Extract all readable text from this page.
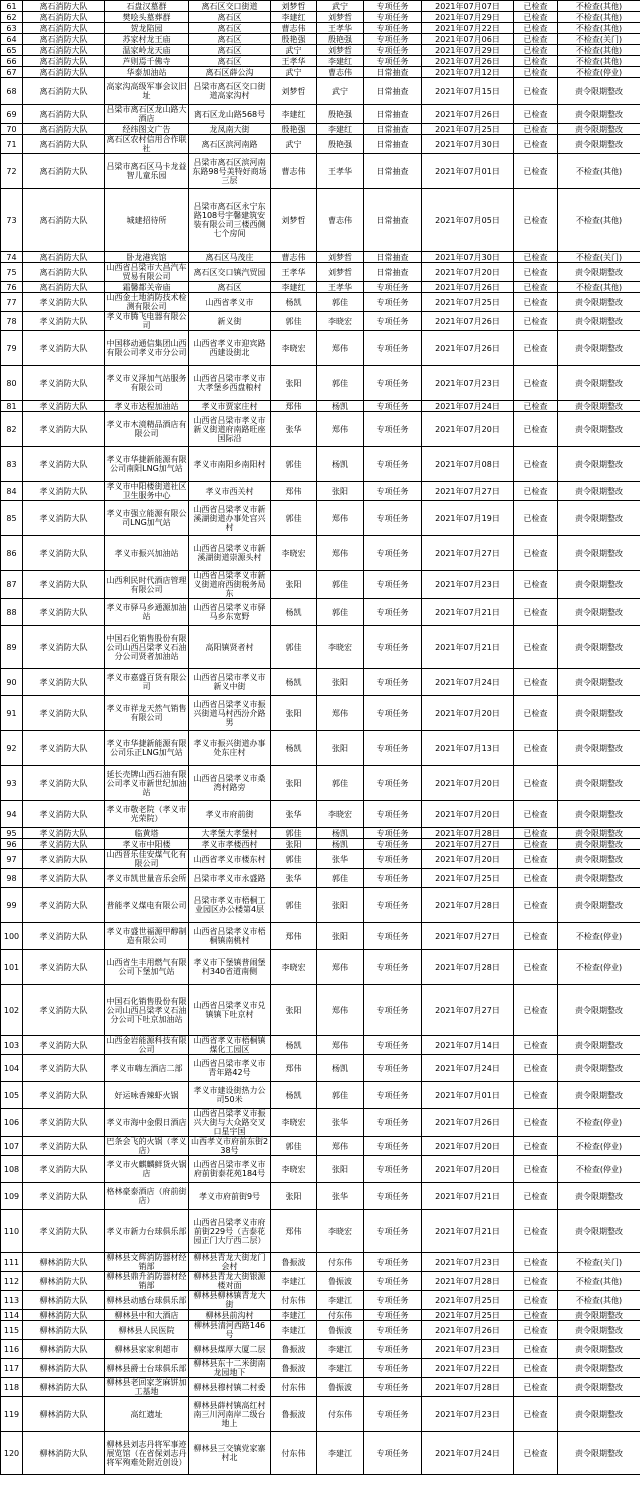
61	离石消防大队	石盘汉墓群	离石区交口街道	刘梦哲	武宁	专项任务	2021年07月07日	已检查	不检查(其他)
62	离石消防大队	樊哙头墓葬群	离石区	李建红	刘梦哲	专项任务	2021年07月29日	已检查	不检查(其他)
63	离石消防大队	贺龙陷园	离石区	曹志伟	王孝华	专项任务	2021年07月22日	已检查	不检查(其他)
64	离石消防大队	苏家村龙王庙	离石区	殷艳强	殷艳强	专项任务	2021年07月06日	已检查	不检查(关门)
65	离石消防大队	温家岭龙天庙	离石区	武宁	刘梦哲	专项任务	2021年07月29日	已检查	不检查(其他)
66	离石消防大队	芦则焉千佛寺	离石区	王孝华	李建红	专项任务	2021年07月26日	已检查	不检查(其他)
67	离石消防大队	华泰加油站	离石区薛公沟	武宁	曹志伟	日常抽查	2021年07月12日	已检查	不检查(停业)
68	离石消防大队	高家沟高级军事会议旧址	吕梁市离石区交口街道高家沟村	刘梦哲	武宁	日常抽查	2021年07月15日	已检查	责令限期整改
69	离石消防大队	吕梁市离石区龙山路大酒店	离石区龙山路568号	李建红	殷艳强	日常抽查	2021年07月26日	已检查	责令限期整改
70	离石消防大队	经纬图文广告	龙凤南大街	殷艳强	李建红	日常抽查	2021年07月25日	已检查	责令限期整改
71	离石消防大队	离石区农村信用合作联社	离石区滨河南路	武宁	殷艳强	日常抽查	2021年07月30日	已检查	责令限期整改
72	离石消防大队	吕梁市离石区马卡龙益智儿童乐园	吕梁市离石区滨河南东路98号美特好商场三层	曹志伟	王孝华	日常抽查	2021年07月01日	已检查	不检查(其他)
73	离石消防大队	城建招待所	吕梁市离石区永宁东路108号宇馨建筑安装有限公司三楼西侧七个房间	刘梦哲	曹志伟	日常抽查	2021年07月05日	已检查	不检查(其他)
74	离石消防大队	卧龙港宾馆	离石区马茂庄	曹志伟	刘梦哲	日常抽查	2021年07月30日	已检查	不检查(关门)
75	离石消防大队	山西省吕梁市大昌汽车贸易有限公司	离石区交口镇汽贸园	王孝华	刘梦哲	日常抽查	2021年07月20日	已检查	责令限期整改
76	离石消防大队	霜馨都关帝庙	离石区	李建红	王孝华	专项任务	2021年07月26日	已检查	不检查(其他)
77	孝义消防大队	山西金土地消防技术检测有限公司	山西省孝义市	杨凯	郭佳	专项任务	2021年07月25日	已检查	责令限期整改
78	孝义消防大队	孝义市腾飞电器有限公司	新义街	郭佳	李晓宏	专项任务	2021年07月26日	已检查	责令限期整改
79	孝义消防大队	中国移动通信集团山西有限公司孝义市分公司	山西省孝义市迎宾路西建设街北	李晓宏	郑伟	专项任务	2021年07月26日	已检查	责令限期整改
80	孝义消防大队	孝义市义泽加气站服务有限公司	山西省吕梁市孝义市大孝堡乡西盘粮村	张阳	郭佳	专项任务	2021年07月23日	已检查	责令限期整改
81	孝义消防大队	孝义市达程加油站	孝义市贾家庄村	郑伟	杨凯	专项任务	2021年07月24日	已检查	责令限期整改
82	孝义消防大队	孝义市木滰精品酒店有限公司	山西省吕梁市孝义市新义街道府南路旺座国际沿	张华	郑伟	专项任务	2021年07月20日	已检查	责令限期整改
83	孝义消防大队	孝义市华捷新能源有限公司南阳LNG加气站	孝义市南阳乡南阳村	郭佳	杨凯	专项任务	2021年07月08日	已检查	责令限期整改
84	孝义消防大队	孝义市中阳楼街道社区卫生服务中心	孝义市西关村	郑伟	张阳	专项任务	2021年07月27日	已检查	责令限期整改
85	孝义消防大队	孝义市强立能源有限公司LNG加气站	山西省吕梁孝义市新溪湖街道办事处宫兴村	郭佳	郑伟	专项任务	2021年07月19日	已检查	责令限期整改
86	孝义消防大队	孝义市振兴加油站	山西省吕梁孝义市新溪湖街道崇源头村	李晓宏	郑伟	专项任务	2021年07月27日	已检查	责令限期整改
87	孝义消防大队	山西利民时代酒店管理有限公司	山西省吕梁孝义市新义街道府西街税务局东	张阳	郭佳	专项任务	2021年07月23日	已检查	责令限期整改
88	孝义消防大队	孝义市驿马乡通源加油站	山西省吕梁孝义市驿马乡东宽野	杨凯	郭佳	专项任务	2021年07月21日	已检查	责令限期整改
89	孝义消防大队	中国石化销售股份有限公司山西吕梁孝义石油分公司贤者加油站	高阳镇贤者村	郭佳	李晓宏	专项任务	2021年07月21日	已检查	责令限期整改
90	孝义消防大队	孝义市嘉盛百货有限公司	山西省吕梁市孝义市新义中街	杨凯	张阳	专项任务	2021年07月24日	已检查	责令限期整改
91	孝义消防大队	孝义市祥龙天然气销售有限公司	山西省吕梁孝义市振兴街道马村西汾介路男	张阳	郑伟	专项任务	2021年07月20日	已检查	责令限期整改
92	孝义消防大队	孝义市华捷新能源有限公司乐正LNG加气站	孝义市振兴街道办事处东庄村	杨凯	张阳	专项任务	2021年07月13日	已检查	责令限期整改
93	孝义消防大队	延长壳牌山西石油有限公司孝义市新世纪加油站	山西省吕梁孝义市桑湾村路旁	张阳	郭佳	专项任务	2021年07月20日	已检查	责令限期整改
94	孝义消防大队	孝义市敬老院（孝义市光荣院）	孝义市府前街	张华	李晓宏	专项任务	2021年07月20日	已检查	责令限期整改
95	孝义消防大队	临黄塔	大孝堡大孝堡村	郭佳	杨凯	专项任务	2021年07月28日	已检查	责令限期整改
96	孝义消防大队	孝义市中阳楼	孝义市孝楼西村	张阳	杨凯	专项任务	2021年07月27日	已检查	责令限期整改
97	孝义消防大队	山西晋乐佳安煤气化有限公司	山西省孝义市楼东村	郭佳	张华	专项任务	2021年07月20日	已检查	责令限期整改
98	孝义消防大队	孝义市凯世量音乐会所	吕梁市孝义市永盛路	张华	郭佳	专项任务	2021年07月25日	已检查	责令限期整改
99	孝义消防大队	普能孝义煤电有限公司	吕梁市孝义市梧桐工业园区办公楼第4层	郭佳	张阳	专项任务	2021年07月28日	已检查	责令限期整改
100	孝义消防大队	孝义市盛世福源甲醇制造有限公司	山西省吕梁孝义市梧桐镇南桃村	郑伟	张阳	专项任务	2021年07月27日	已检查	不检查(停业)
101	孝义消防大队	山西省生丰用燃气有限公司下堡加气站	孝义市下堡镇普闹堡村340省道南侧	李晓宏	郑伟	专项任务	2021年07月28日	已检查	不检查(停业)
102	孝义消防大队	中国石化销售股份有限公司山西吕梁孝义石油分公司下吐京加油站	山西省吕梁孝义市兑镇镇下吐京村	张阳	郑伟	专项任务	2021年07月27日	已检查	责令限期整改
103	孝义消防大队	山西金岩能源科技有限公司	山西省孝义市梧桐镇煤化工园区	杨凯	郑伟	专项任务	2021年07月14日	已检查	责令限期整改
104	孝义消防大队	孝义市嗨左酒店二部	山西省吕梁市孝义市青年路42号	郑伟	杨凯	专项任务	2021年07月24日	已检查	责令限期整改
105	孝义消防大队	好运咏香辣虾火锅	孝义市建设街热力公司50米	杨凯	郭佳	专项任务	2021年07月01日	已检查	责令限期整改
106	孝义消防大队	孝义市海中金假日酒店	山西省吕梁孝义市振兴大街与大众路交叉口星宇国	李晓宏	张华	专项任务	2021年07月26日	已检查	不检查(停业)
107	孝义消防大队	巴条会飞的火锅（孝义店）	山西孝义市府前东街238号	郭佳	郑伟	专项任务	2021年07月20日	已检查	不检查(停业)
108	孝义消防大队	孝义市火麒麟鲜货火锅店	山西省吕梁市孝义市府前街泰花苑184号	李晓宏	张阳	专项任务	2021年07月20日	已检查	不检查(停业)
109	孝义消防大队	格林豪泰酒店（府前街店）	孝义市府前街9号	张阳	张华	专项任务	2021年07月21日	已检查	责令限期整改
110	孝义消防大队	孝义市新力台球俱乐部	山西省吕梁孝义市府前街229号（吉泰花园正门大厅西二层）	郑伟	李晓宏	专项任务	2021年07月21日	已检查	责令限期整改
111	柳林消防大队	柳林县文辉消防器材经销部	柳林县青龙大街龙门会村	鲁振波	付东伟	专项任务	2021年07月23日	已检查	不检查(关门)
112	柳林消防大队	柳林县鼎升消防器材经销部	柳林县青龙大街银源楼对面	李建江	鲁振波	专项任务	2021年07月28日	已检查	不检查(其他)
113	柳林消防大队	柳林县动感台球俱乐部	柳林县柳林镇青龙大街	付东伟	李建江	专项任务	2021年07月25日	已检查	不检查(其他)
114	柳林消防大队	柳林县中和大酒店	柳林县前沟村	李建江	付东伟	专项任务	2021年07月25日	已检查	责令限期整改
115	柳林消防大队	柳林县人民医院	柳林县清河西路146号	李建江	鲁振波	专项任务	2021年07月26日	已检查	责令限期整改
116	柳林消防大队	柳林县家家利超市	柳林县煤厚大厦二层	鲁振波	李建江	专项任务	2021年07月23日	已检查	责令限期整改
117	柳林消防大队	柳林县爵士台球俱乐部	柳林县东十二米街南龙园地下	鲁振波	李建江	专项任务	2021年07月22日	已检查	责令限期整改
118	柳林消防大队	柳林县老回家芝麻饼加工基地	柳林县穆村镇二村委	付东伟	鲁振波	专项任务	2021年07月28日	已检查	责令限期整改
119	柳林消防大队	高红遗址	柳林县薛村镇高红村南三川河南岸二级台地上	鲁振波	付东伟	专项任务	2021年07月23日	已检查	责令限期整改
120	柳林消防大队	柳林县刘志丹将军事迹展览馆（在省保刘志丹将军殉难处附近创设）	柳林县三交镇党家寨村北	付东伟	李建江	专项任务	2021年07月24日	已检查	责令限期整改
